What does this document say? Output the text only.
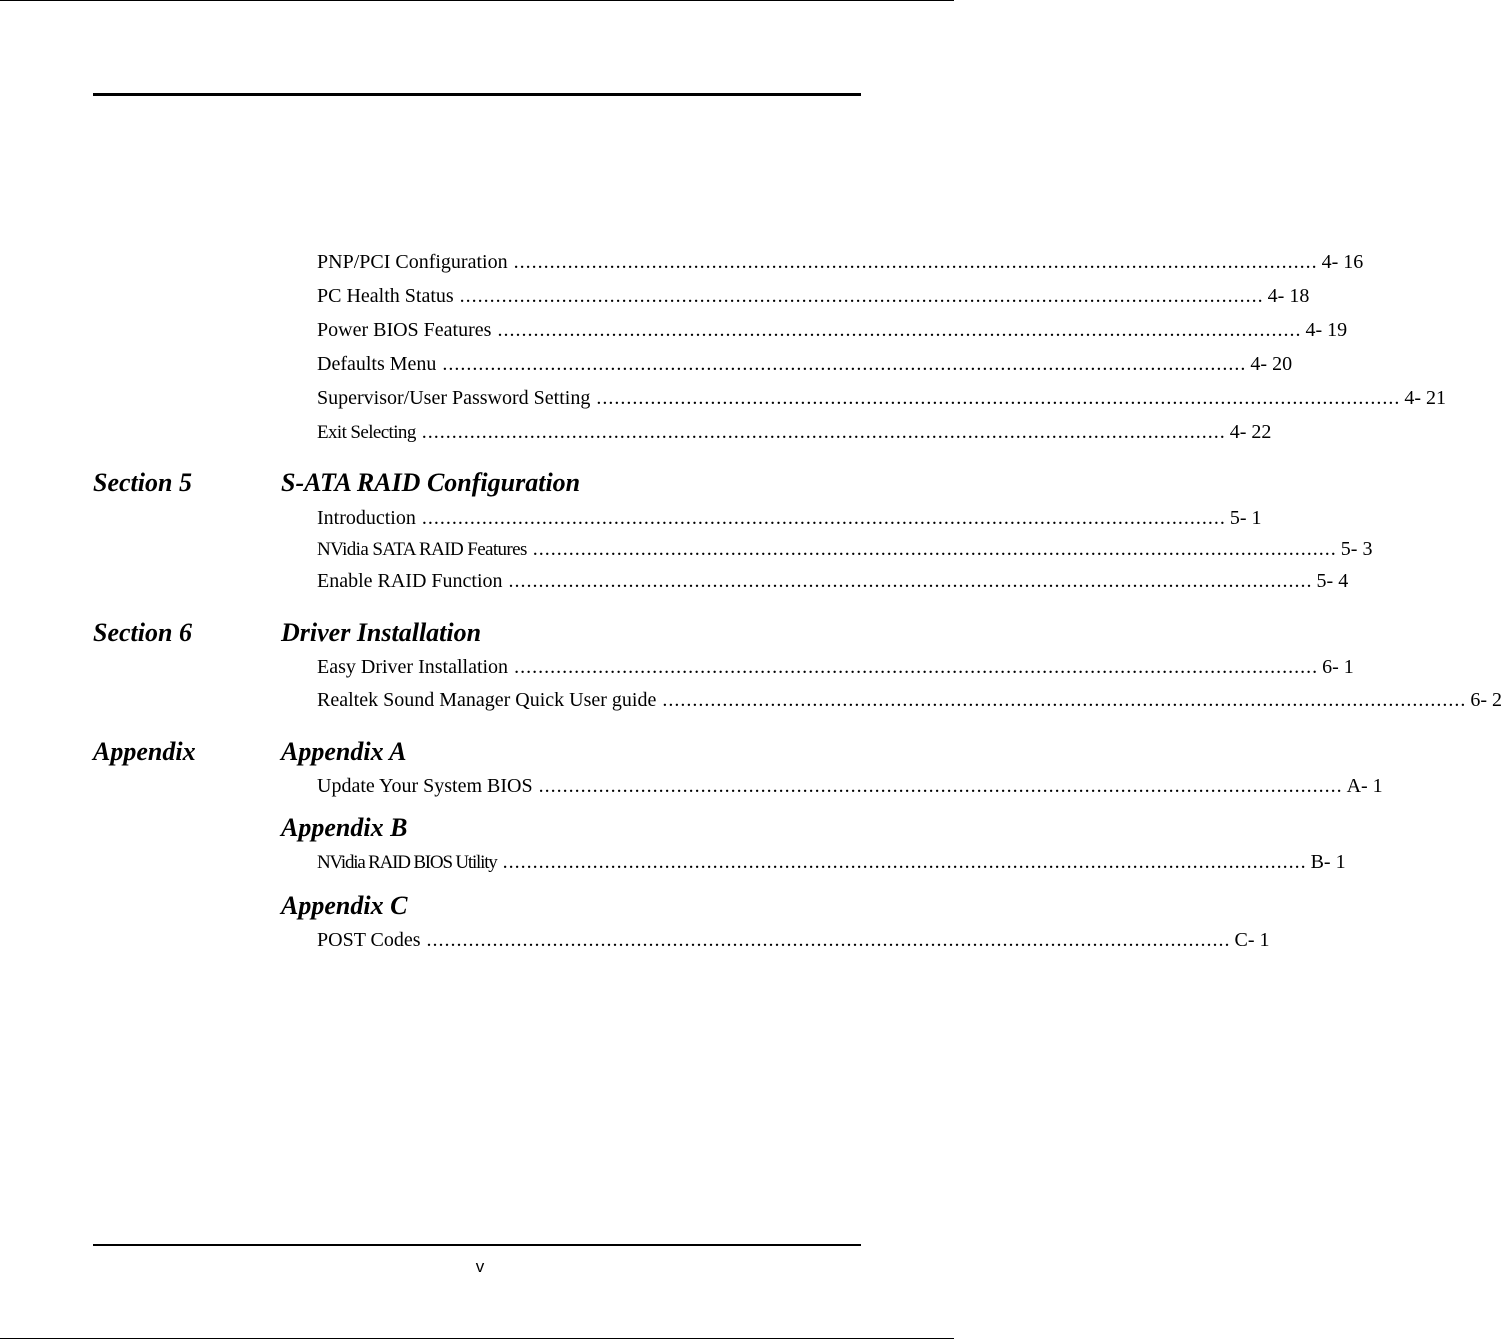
PNP/PCI Configuration ...................................................................................................................................... 4- 16
PC Health Status ...................................................................................................................................... 4- 18
Power BIOS Features ...................................................................................................................................... 4- 19
Defaults Menu ...................................................................................................................................... 4- 20
Supervisor/User Password Setting ...................................................................................................................................... 4- 21
Exit Selecting ...................................................................................................................................... 4- 22
Section 5	S-ATA RAID Configuration
Introduction ...................................................................................................................................... 5- 1
NVidia SATA RAID Features ...................................................................................................................................... 5- 3
Enable RAID Function ...................................................................................................................................... 5- 4
Section 6	Driver Installation
Easy Driver Installation ...................................................................................................................................... 6- 1
Realtek Sound Manager Quick User guide ...................................................................................................................................... 6- 2
Appendix	Appendix A
Update Your System BIOS ...................................................................................................................................... A- 1
Appendix B
NVidia RAID BIOS Utility ...................................................................................................................................... B- 1
Appendix C
POST Codes ...................................................................................................................................... C- 1
v
